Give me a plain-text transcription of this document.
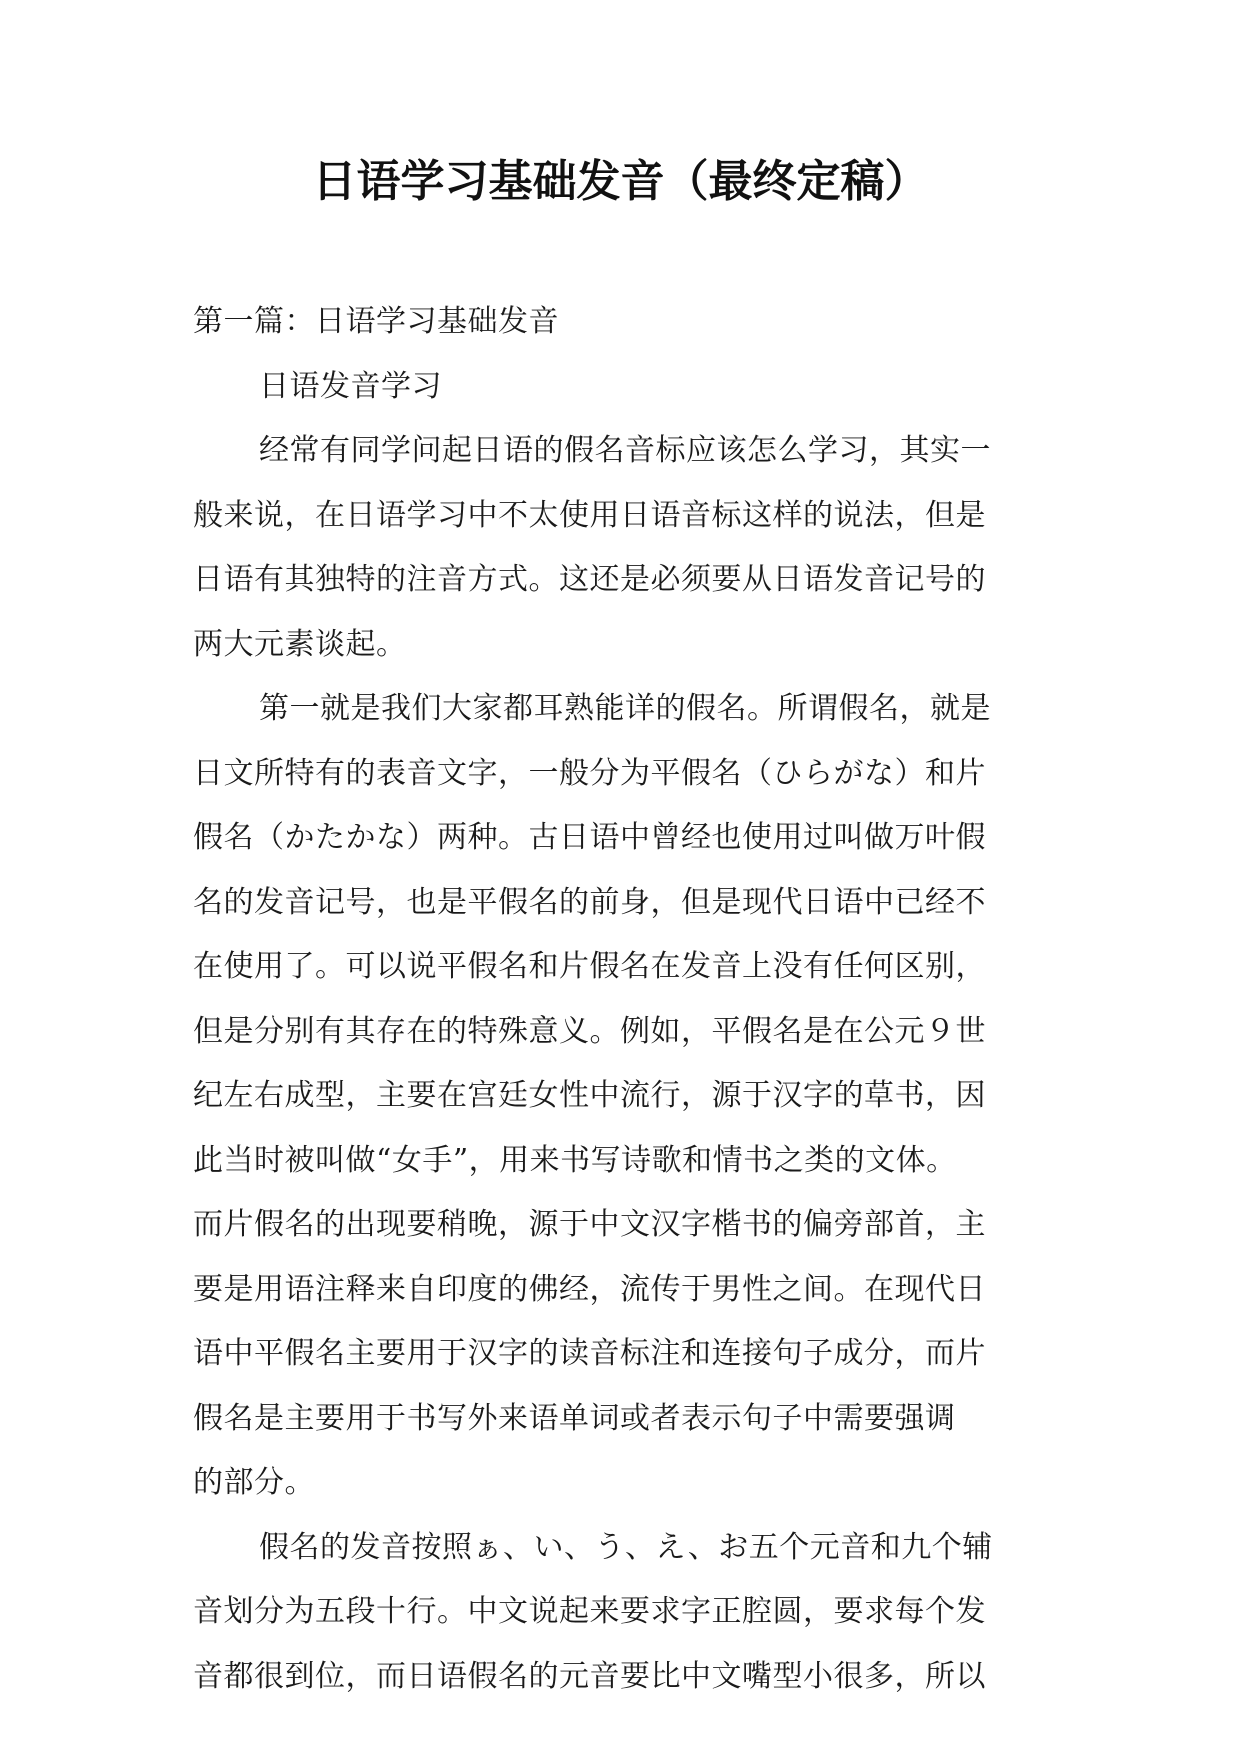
日语学习基础发音（最终定稿）
第一篇：日语学习基础发音
日语发音学习
经常有同学问起日语的假名音标应该怎么学习，其实一
般来说，在日语学习中不太使用日语音标这样的说法，但是
日语有其独特的注音方式。这还是必须要从日语发音记号的
两大元素谈起。
第一就是我们大家都耳熟能详的假名。所谓假名，就是
日文所特有的表音文字，一般分为平假名（ひらがな）和片
假名（かたかな）两种。古日语中曾经也使用过叫做万叶假
名的发音记号，也是平假名的前身，但是现代日语中已经不
在使用了。可以说平假名和片假名在发音上没有任何区别，
但是分别有其存在的特殊意义。例如，平假名是在公元９世
纪左右成型，主要在宫廷女性中流行，源于汉字的草书，因
此当时被叫做“女手”，用来书写诗歌和情书之类的文体。
而片假名的出现要稍晚，源于中文汉字楷书的偏旁部首，主
要是用语注释来自印度的佛经，流传于男性之间。在现代日
语中平假名主要用于汉字的读音标注和连接句子成分，而片
假名是主要用于书写外来语单词或者表示句子中需要强调
的部分。
假名的发音按照ぁ、い、う、え、お五个元音和九个辅
音划分为五段十行。中文说起来要求字正腔圆，要求每个发
音都很到位，而日语假名的元音要比中文嘴型小很多，所以
